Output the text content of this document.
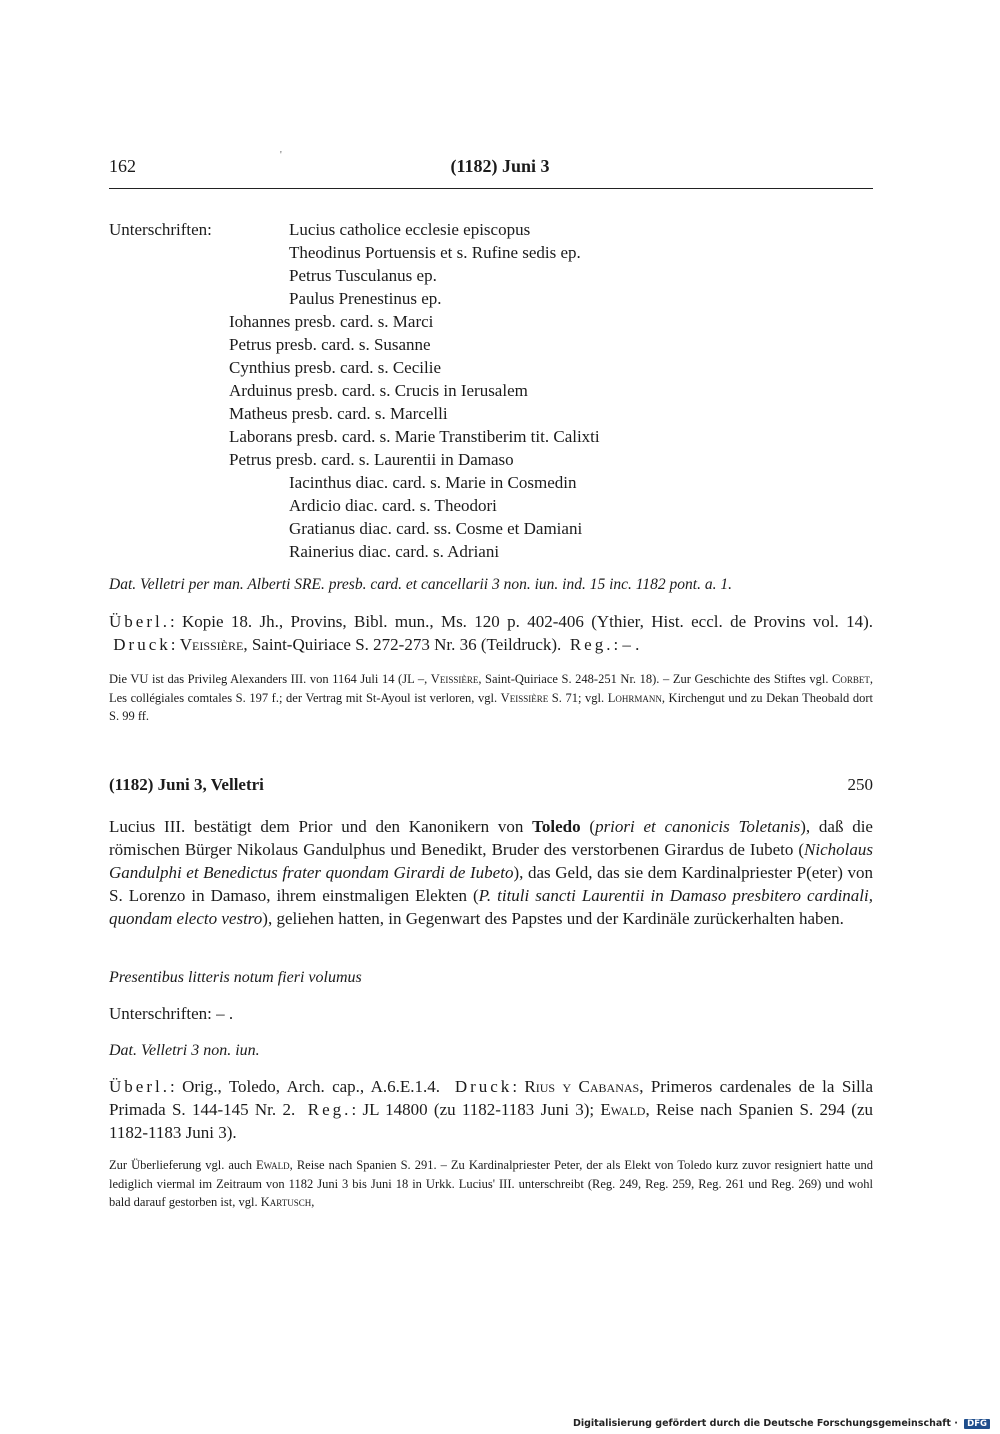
162	(1182) Juni 3
'
Unterschriften:	Lucius catholice ecclesie episcopus
Theodinus Portuensis et s. Rufine sedis ep.
Petrus Tusculanus ep.
Paulus Prenestinus ep.
Iohannes presb. card. s. Marci
Petrus presb. card. s. Susanne
Cynthius presb. card. s. Cecilie
Arduinus presb. card. s. Crucis in Ierusalem
Matheus presb. card. s. Marcelli
Laborans presb. card. s. Marie Transtiberim tit. Calixti
Petrus presb. card. s. Laurentii in Damaso
Iacinthus diac. card. s. Marie in Cosmedin
Ardicio diac. card. s. Theodori
Gratianus diac. card. ss. Cosme et Damiani
Rainerius diac. card. s. Adriani
Dat. Velletri per man. Alberti SRE. presb. card. et cancellarii 3 non. iun. ind. 15 inc. 1182 pont. a. 1.
Überl.: Kopie 18. Jh., Provins, Bibl. mun., Ms. 120 p. 402-406 (Ythier, Hist. eccl. de Provins vol. 14).  Druck: Veissière, Saint-Quiriace S. 272-273 Nr. 36 (Teildruck). Reg.: – .
Die VU ist das Privileg Alexanders III. von 1164 Juli 14 (JL –, Veissière, Saint-Quiriace S. 248-251 Nr. 18). – Zur Geschichte des Stiftes vgl. Corbet, Les collégiales comtales S. 197 f.; der Vertrag mit St-Ayoul ist verloren, vgl. Veissière S. 71; vgl. Lohrmann, Kirchengut und zu Dekan Theobald dort S. 99 ff.
(1182) Juni 3, Velletri	250
Lucius III. bestätigt dem Prior und den Kanonikern von Toledo (priori et canonicis Toletanis), daß die römischen Bürger Nikolaus Gandulphus und Benedikt, Bruder des verstorbenen Girardus de Iubeto (Nicholaus Gandulphi et Benedictus frater quondam Girardi de Iubeto), das Geld, das sie dem Kardinalpriester P(eter) von S. Lorenzo in Damaso, ihrem einstmaligen Elekten (P. tituli sancti Laurentii in Damaso presbitero cardinali, quondam electo vestro), geliehen hatten, in Gegenwart des Papstes und der Kardinäle zurückerhalten haben.
Presentibus litteris notum fieri volumus
Unterschriften: – .
Dat. Velletri 3 non. iun.
Überl.: Orig., Toledo, Arch. cap., A.6.E.1.4. Druck: Rius y Cabanas, Primeros cardenales de la Silla Primada S. 144-145 Nr. 2. Reg.: JL 14800 (zu 1182-1183 Juni 3); Ewald, Reise nach Spanien S. 294 (zu 1182-1183 Juni 3).
Zur Überlieferung vgl. auch Ewald, Reise nach Spanien S. 291. – Zu Kardinalpriester Peter, der als Elekt von Toledo kurz zuvor resigniert hatte und lediglich viermal im Zeitraum von 1182 Juni 3 bis Juni 18 in Urkk. Lucius' III. unterschreibt (Reg. 249, Reg. 259, Reg. 261 und Reg. 269) und wohl bald darauf gestorben ist, vgl. Kartusch,
Digitalisierung gefördert durch die Deutsche Forschungsgemeinschaft · DFG
